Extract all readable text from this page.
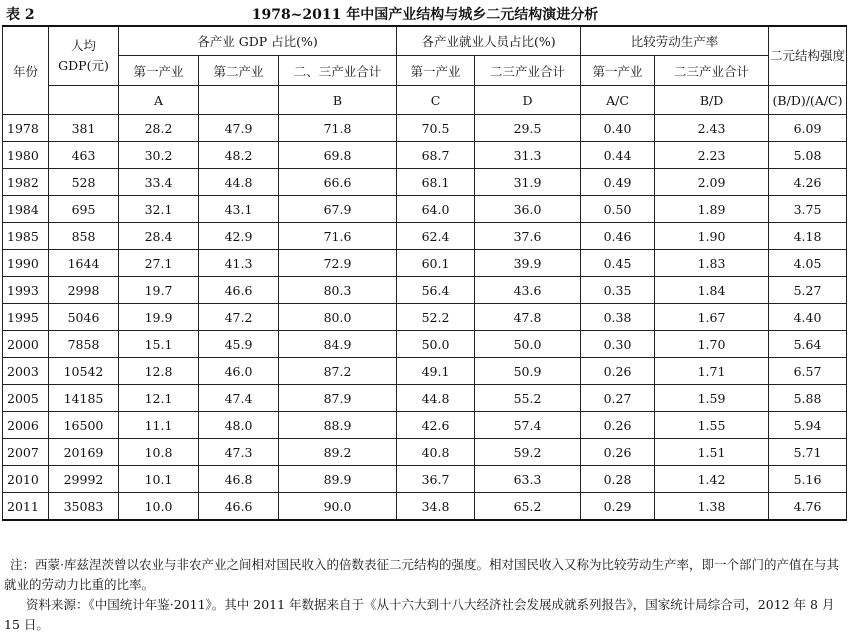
表 2	1978~2011 年中国产业结构与城乡二元结构演进分析
年份	人均 GDP(元)	各产业 GDP 占比(%)			各产业就业人员占比(%)		比较劳动生产率		二元结构强度
		第一产业	第二产业	二、三产业合计	第一产业	二三产业合计	第一产业	二三产业合计	
		A		B	C	D	A/C	B/D	(B/D)/(A/C)
1978	381	28.2	47.9	71.8	70.5	29.5	0.40	2.43	6.09
1980	463	30.2	48.2	69.8	68.7	31.3	0.44	2.23	5.08
1982	528	33.4	44.8	66.6	68.1	31.9	0.49	2.09	4.26
1984	695	32.1	43.1	67.9	64.0	36.0	0.50	1.89	3.75
1985	858	28.4	42.9	71.6	62.4	37.6	0.46	1.90	4.18
1990	1644	27.1	41.3	72.9	60.1	39.9	0.45	1.83	4.05
1993	2998	19.7	46.6	80.3	56.4	43.6	0.35	1.84	5.27
1995	5046	19.9	47.2	80.0	52.2	47.8	0.38	1.67	4.40
2000	7858	15.1	45.9	84.9	50.0	50.0	0.30	1.70	5.64
2003	10542	12.8	46.0	87.2	49.1	50.9	0.26	1.71	6.57
2005	14185	12.1	47.4	87.9	44.8	55.2	0.27	1.59	5.88
2006	16500	11.1	48.0	88.9	42.6	57.4	0.26	1.55	5.94
2007	20169	10.8	47.3	89.2	40.8	59.2	0.26	1.51	5.71
2010	29992	10.1	46.8	89.9	36.7	63.3	0.28	1.42	5.16
2011	35083	10.0	46.6	90.0	34.8	65.2	0.29	1.38	4.76

注：西蒙·库兹涅茨曾以农业与非农产业之间相对国民收入的倍数表征二元结构的强度。相对国民收入又称为比较劳动生产率，即一个部门的产值在与其就业的劳动力比重的比率。

资料来源：《中国统计年鉴·2011》。其中 2011 年数据来自于《从十六大到十八大经济社会发展成就系列报告》，国家统计局综合司，2012 年 8 月 15 日。
